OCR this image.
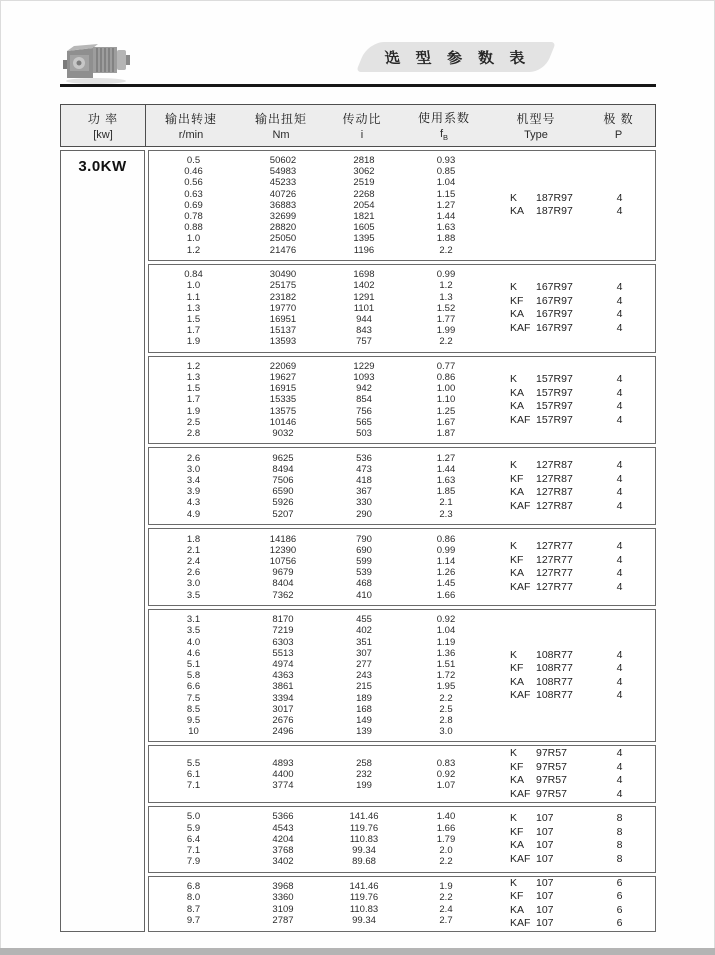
选 型 参 数 表
功 率
[kw]
输出转速
r/min
输出扭矩
Nm
传动比
i
使用系数
$f_B$
机型号
Type
极 数
P
3.0KW	0.5
0.46
0.56
0.63
0.69
0.78
0.88
1.0
1.2
50602
54983
45233
40726
36883
32699
28820
25050
21476
2818
3062
2519
2268
2054
1821
1605
1395
1196
0.93
0.85
1.04
1.15
1.27
1.44
1.63
1.88
2.2
K 187R97
KA 187R97
4
4
0.84
1.0
1.1
1.3
1.5
1.7
1.9
30490
25175
23182
19770
16951
15137
13593
1698
1402
1291
1101
944
843
757
0.99
1.2
1.3
1.52
1.77
1.99
2.2
K 167R97
KF 167R97
KA 167R97
KAF 167R97
4
4
4
4
1.2
1.3
1.5
1.7
1.9
2.5
2.8
22069
19627
16915
15335
13575
10146
9032
1229
1093
942
854
756
565
503
0.77
0.86
1.00
1.10
1.25
1.67
1.87
K 157R97
KA 157R97
KA 157R97
KAF 157R97
4
4
4
4
2.6
3.0
3.4
3.9
4.3
4.9
9625
8494
7506
6590
5926
5207
536
473
418
367
330
290
1.27
1.44
1.63
1.85
2.1
2.3
K 127R87
KF 127R87
KA 127R87
KAF 127R87
4
4
4
4
1.8
2.1
2.4
2.6
3.0
3.5
14186
12390
10756
9679
8404
7362
790
690
599
539
468
410
0.86
0.99
1.14
1.26
1.45
1.66
K 127R77
KF 127R77
KA 127R77
KAF 127R77
4
4
4
4
3.1
3.5
4.0
4.6
5.1
5.8
6.6
7.5
8.5
9.5
10
8170
7219
6303
5513
4974
4363
3861
3394
3017
2676
2496
455
402
351
307
277
243
215
189
168
149
139
0.92
1.04
1.19
1.36
1.51
1.72
1.95
2.2
2.5
2.8
3.0
K 108R77
KF 108R77
KA 108R77
KAF 108R77
4
4
4
4
5.5
6.1
7.1
4893
4400
3774
258
232
199
0.83
0.92
1.07
K 97R57
KF 97R57
KA 97R57
KAF 97R57
4
4
4
4
5.0
5.9
6.4
7.1
7.9
5366
4543
4204
3768
3402
141.46
119.76
110.83
99.34
89.68
1.40
1.66
1.79
2.0
2.2
K 107
KF 107
KA 107
KAF 107
8
8
8
8
6.8
8.0
8.7
9.7
3968
3360
3109
2787
141.46
119.76
110.83
99.34
1.9
2.2
2.4
2.7
K 107
KF 107
KA 107
KAF 107
6
6
6
6
